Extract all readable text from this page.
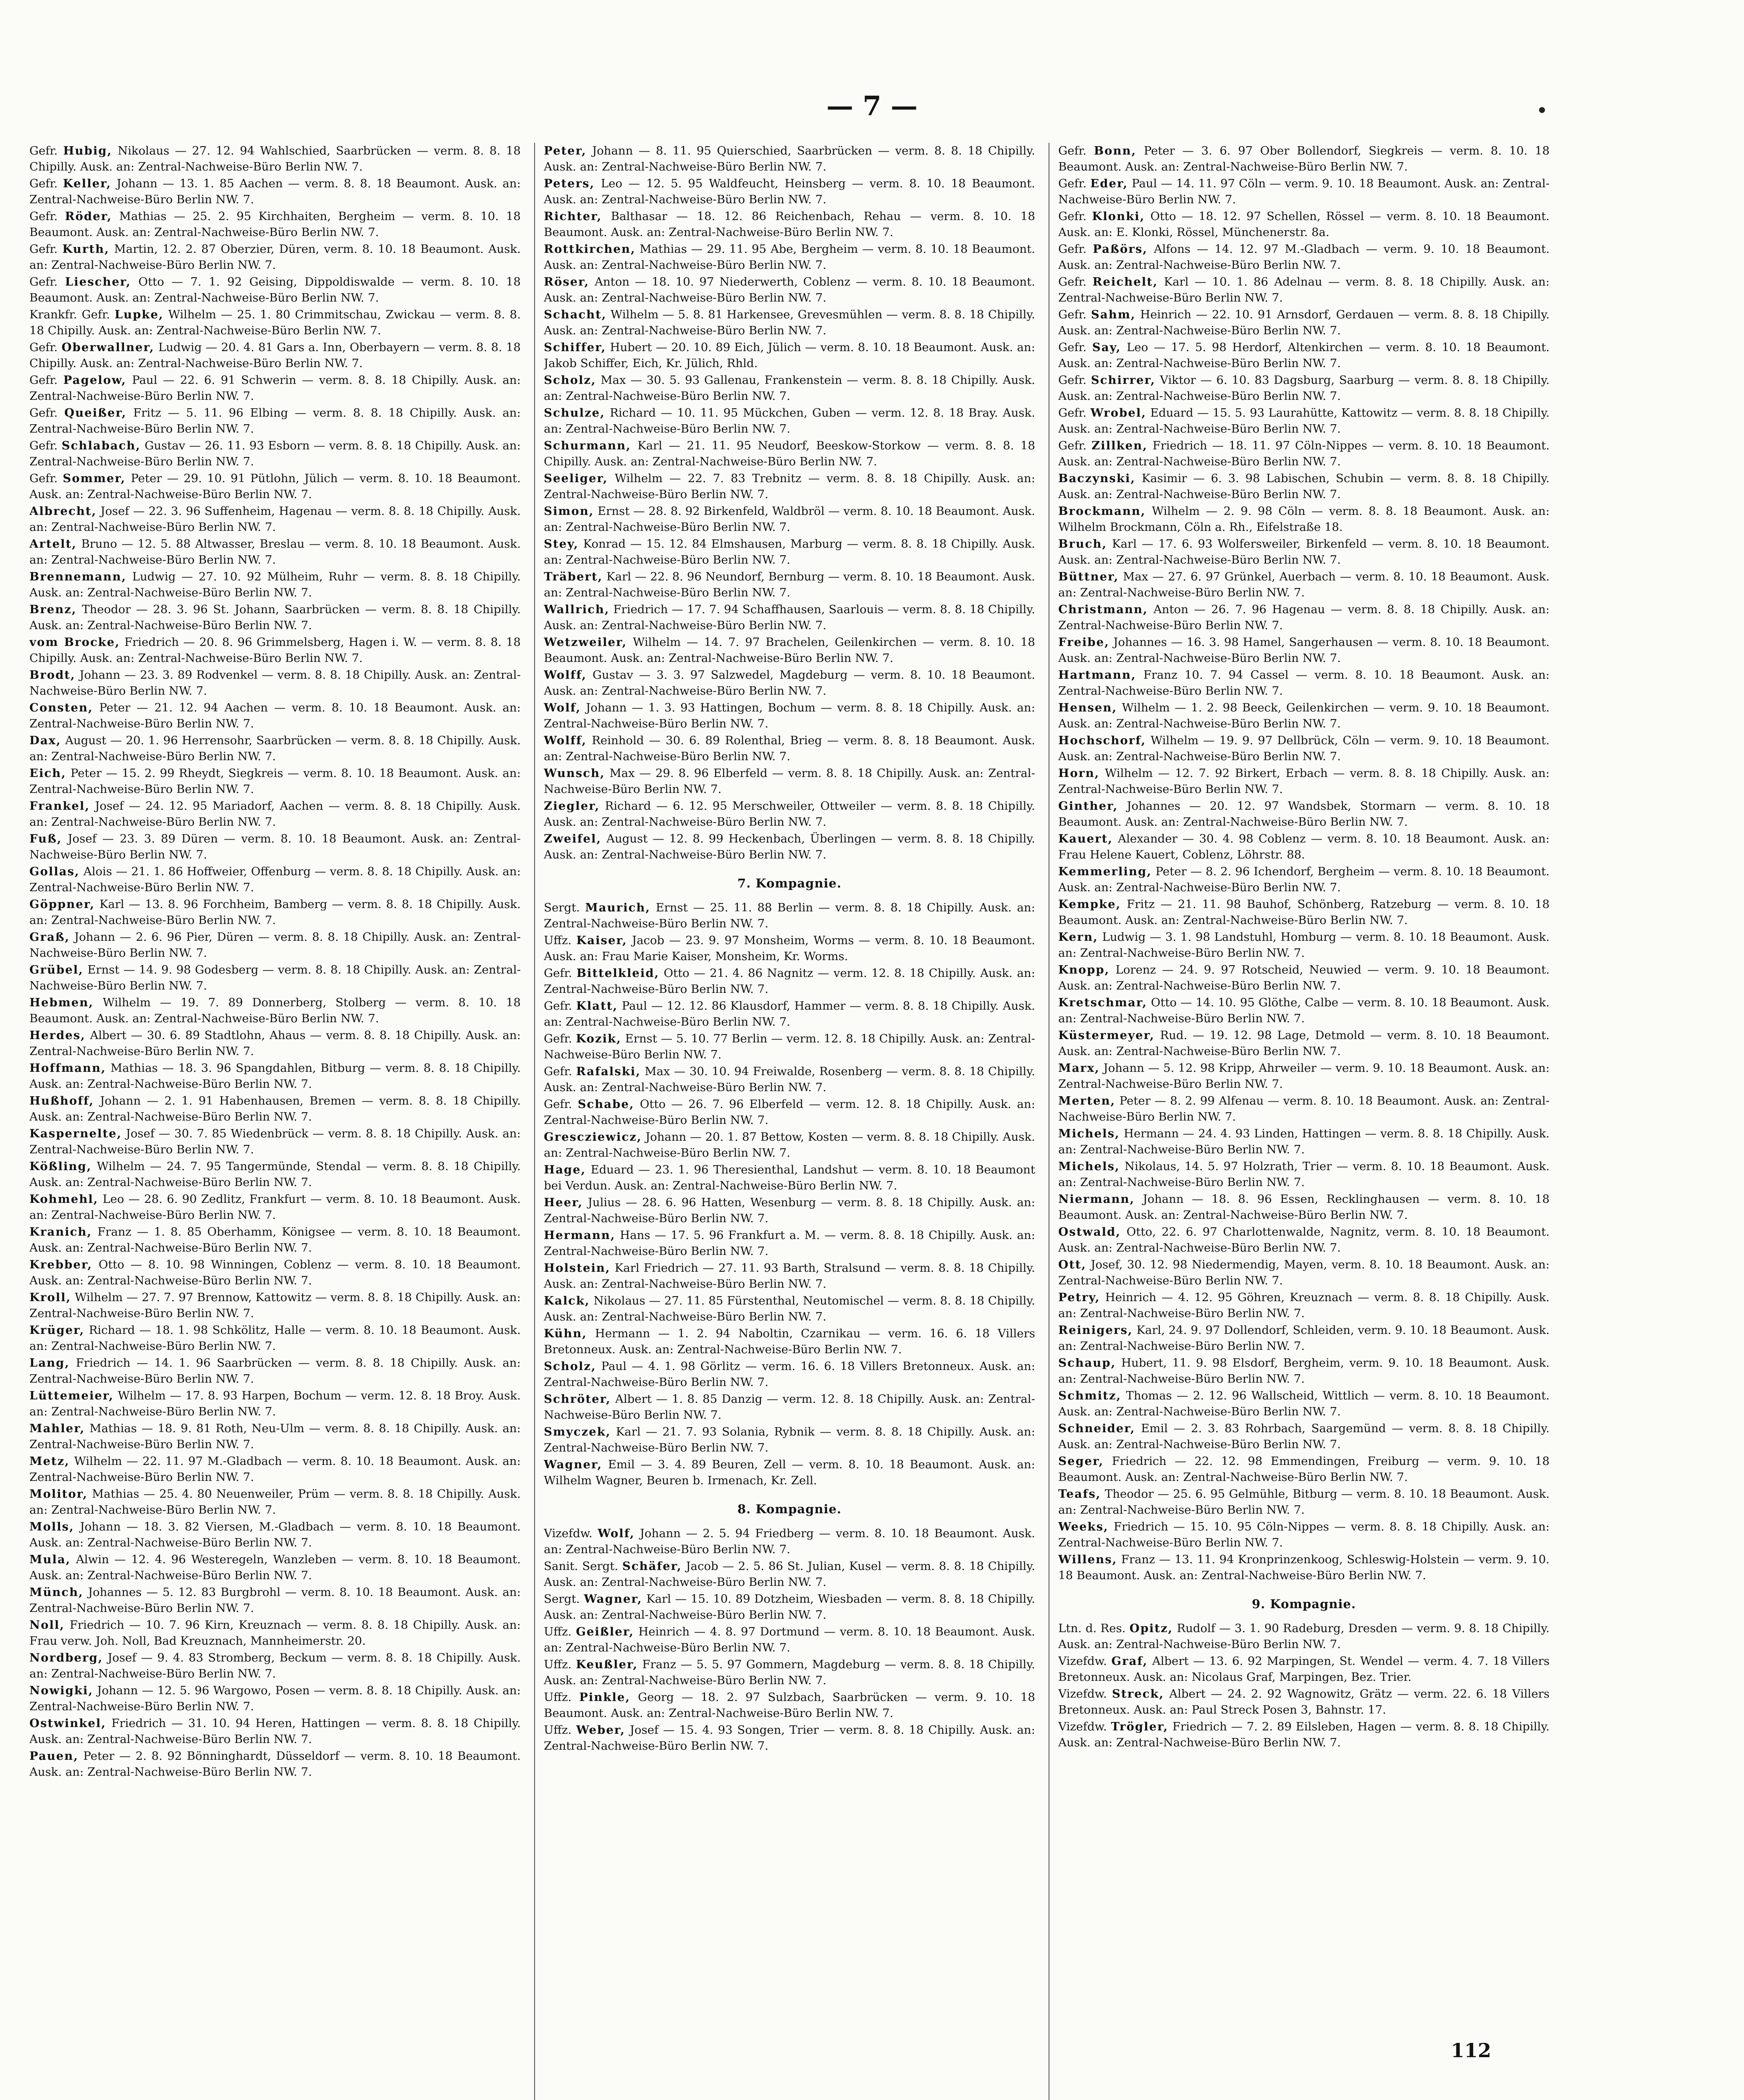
— 7 —

Gefr. Hubig, Nikolaus — 27. 12. 94 Wahlschied, Saarbrücken — verm. 8. 8. 18 Chipilly. Ausk. an: Zentral-Nachweise-Büro Berlin NW. 7.

Gefr. Keller, Johann — 13. 1. 85 Aachen — verm. 8. 8. 18 Beaumont. Ausk. an: Zentral-Nachweise-Büro Berlin NW. 7.

Gefr. Röder, Mathias — 25. 2. 95 Kirchhaiten, Bergheim — verm. 8. 10. 18 Beaumont. Ausk. an: Zentral-Nachweise-Büro Berlin NW. 7.

Gefr. Kurth, Martin, 12. 2. 87 Oberzier, Düren, verm. 8. 10. 18 Beaumont. Ausk. an: Zentral-Nachweise-Büro Berlin NW. 7.

Gefr. Liescher, Otto — 7. 1. 92 Geising, Dippoldiswalde — verm. 8. 10. 18 Beaumont. Ausk. an: Zentral-Nachweise-Büro Berlin NW. 7.

Krankfr. Gefr. Lupke, Wilhelm — 25. 1. 80 Crimmitschau, Zwickau — verm. 8. 8. 18 Chipilly. Ausk. an: Zentral-Nachweise-Büro Berlin NW. 7.

Gefr. Oberwallner, Ludwig — 20. 4. 81 Gars a. Inn, Oberbayern — verm. 8. 8. 18 Chipilly. Ausk. an: Zentral-Nachweise-Büro Berlin NW. 7.

Gefr. Pagelow, Paul — 22. 6. 91 Schwerin — verm. 8. 8. 18 Chipilly. Ausk. an: Zentral-Nachweise-Büro Berlin NW. 7.

Gefr. Queißer, Fritz — 5. 11. 96 Elbing — verm. 8. 8. 18 Chipilly. Ausk. an: Zentral-Nachweise-Büro Berlin NW. 7.

Gefr. Schlabach, Gustav — 26. 11. 93 Esborn — verm. 8. 8. 18 Chipilly. Ausk. an: Zentral-Nachweise-Büro Berlin NW. 7.

Gefr. Sommer, Peter — 29. 10. 91 Pütlohn, Jülich — verm. 8. 10. 18 Beaumont. Ausk. an: Zentral-Nachweise-Büro Berlin NW. 7.

Albrecht, Josef — 22. 3. 96 Suffenheim, Hagenau — verm. 8. 8. 18 Chipilly. Ausk. an: Zentral-Nachweise-Büro Berlin NW. 7.

Artelt, Bruno — 12. 5. 88 Altwasser, Breslau — verm. 8. 10. 18 Beaumont. Ausk. an: Zentral-Nachweise-Büro Berlin NW. 7.

Brennemann, Ludwig — 27. 10. 92 Mülheim, Ruhr — verm. 8. 8. 18 Chipilly. Ausk. an: Zentral-Nachweise-Büro Berlin NW. 7.

Brenz, Theodor — 28. 3. 96 St. Johann, Saarbrücken — verm. 8. 8. 18 Chipilly. Ausk. an: Zentral-Nachweise-Büro Berlin NW. 7.

vom Brocke, Friedrich — 20. 8. 96 Grimmelsberg, Hagen i. W. — verm. 8. 8. 18 Chipilly. Ausk. an: Zentral-Nachweise-Büro Berlin NW. 7.

Brodt, Johann — 23. 3. 89 Rodvenkel — verm. 8. 8. 18 Chipilly. Ausk. an: Zentral-Nachweise-Büro Berlin NW. 7.

Consten, Peter — 21. 12. 94 Aachen — verm. 8. 10. 18 Beaumont. Ausk. an: Zentral-Nachweise-Büro Berlin NW. 7.

Dax, August — 20. 1. 96 Herrensohr, Saarbrücken — verm. 8. 8. 18 Chipilly. Ausk. an: Zentral-Nachweise-Büro Berlin NW. 7.

Eich, Peter — 15. 2. 99 Rheydt, Siegkreis — verm. 8. 10. 18 Beaumont. Ausk. an: Zentral-Nachweise-Büro Berlin NW. 7.

Frankel, Josef — 24. 12. 95 Mariadorf, Aachen — verm. 8. 8. 18 Chipilly. Ausk. an: Zentral-Nachweise-Büro Berlin NW. 7.

Fuß, Josef — 23. 3. 89 Düren — verm. 8. 10. 18 Beaumont. Ausk. an: Zentral-Nachweise-Büro Berlin NW. 7.

Gollas, Alois — 21. 1. 86 Hoffweier, Offenburg — verm. 8. 8. 18 Chipilly. Ausk. an: Zentral-Nachweise-Büro Berlin NW. 7.

Göppner, Karl — 13. 8. 96 Forchheim, Bamberg — verm. 8. 8. 18 Chipilly. Ausk. an: Zentral-Nachweise-Büro Berlin NW. 7.

Graß, Johann — 2. 6. 96 Pier, Düren — verm. 8. 8. 18 Chipilly. Ausk. an: Zentral-Nachweise-Büro Berlin NW. 7.

Grübel, Ernst — 14. 9. 98 Godesberg — verm. 8. 8. 18 Chipilly. Ausk. an: Zentral-Nachweise-Büro Berlin NW. 7.

Hebmen, Wilhelm — 19. 7. 89 Donnerberg, Stolberg — verm. 8. 10. 18 Beaumont. Ausk. an: Zentral-Nachweise-Büro Berlin NW. 7.

Herdes, Albert — 30. 6. 89 Stadtlohn, Ahaus — verm. 8. 8. 18 Chipilly. Ausk. an: Zentral-Nachweise-Büro Berlin NW. 7.

Hoffmann, Mathias — 18. 3. 96 Spangdahlen, Bitburg — verm. 8. 8. 18 Chipilly. Ausk. an: Zentral-Nachweise-Büro Berlin NW. 7.

Hußhoff, Johann — 2. 1. 91 Habenhausen, Bremen — verm. 8. 8. 18 Chipilly. Ausk. an: Zentral-Nachweise-Büro Berlin NW. 7.

Kaspernelte, Josef — 30. 7. 85 Wiedenbrück — verm. 8. 8. 18 Chipilly. Ausk. an: Zentral-Nachweise-Büro Berlin NW. 7.

Kößling, Wilhelm — 24. 7. 95 Tangermünde, Stendal — verm. 8. 8. 18 Chipilly. Ausk. an: Zentral-Nachweise-Büro Berlin NW. 7.

Kohmehl, Leo — 28. 6. 90 Zedlitz, Frankfurt — verm. 8. 10. 18 Beaumont. Ausk. an: Zentral-Nachweise-Büro Berlin NW. 7.

Kranich, Franz — 1. 8. 85 Oberhamm, Königsee — verm. 8. 10. 18 Beaumont. Ausk. an: Zentral-Nachweise-Büro Berlin NW. 7.

Krebber, Otto — 8. 10. 98 Winningen, Coblenz — verm. 8. 10. 18 Beaumont. Ausk. an: Zentral-Nachweise-Büro Berlin NW. 7.

Kroll, Wilhelm — 27. 7. 97 Brennow, Kattowitz — verm. 8. 8. 18 Chipilly. Ausk. an: Zentral-Nachweise-Büro Berlin NW. 7.

Krüger, Richard — 18. 1. 98 Schkölitz, Halle — verm. 8. 10. 18 Beaumont. Ausk. an: Zentral-Nachweise-Büro Berlin NW. 7.

Lang, Friedrich — 14. 1. 96 Saarbrücken — verm. 8. 8. 18 Chipilly. Ausk. an: Zentral-Nachweise-Büro Berlin NW. 7.

Lüttemeier, Wilhelm — 17. 8. 93 Harpen, Bochum — verm. 12. 8. 18 Broy. Ausk. an: Zentral-Nachweise-Büro Berlin NW. 7.

Mahler, Mathias — 18. 9. 81 Roth, Neu-Ulm — verm. 8. 8. 18 Chipilly. Ausk. an: Zentral-Nachweise-Büro Berlin NW. 7.

Metz, Wilhelm — 22. 11. 97 M.-Gladbach — verm. 8. 10. 18 Beaumont. Ausk. an: Zentral-Nachweise-Büro Berlin NW. 7.

Molitor, Mathias — 25. 4. 80 Neuenweiler, Prüm — verm. 8. 8. 18 Chipilly. Ausk. an: Zentral-Nachweise-Büro Berlin NW. 7.

Molls, Johann — 18. 3. 82 Viersen, M.-Gladbach — verm. 8. 10. 18 Beaumont. Ausk. an: Zentral-Nachweise-Büro Berlin NW. 7.

Mula, Alwin — 12. 4. 96 Westeregeln, Wanzleben — verm. 8. 10. 18 Beaumont. Ausk. an: Zentral-Nachweise-Büro Berlin NW. 7.

Münch, Johannes — 5. 12. 83 Burgbrohl — verm. 8. 10. 18 Beaumont. Ausk. an: Zentral-Nachweise-Büro Berlin NW. 7.

Noll, Friedrich — 10. 7. 96 Kirn, Kreuznach — verm. 8. 8. 18 Chipilly. Ausk. an: Frau verw. Joh. Noll, Bad Kreuznach, Mannheimerstr. 20.

Nordberg, Josef — 9. 4. 83 Stromberg, Beckum — verm. 8. 8. 18 Chipilly. Ausk. an: Zentral-Nachweise-Büro Berlin NW. 7.

Nowigki, Johann — 12. 5. 96 Wargowo, Posen — verm. 8. 8. 18 Chipilly. Ausk. an: Zentral-Nachweise-Büro Berlin NW. 7.

Ostwinkel, Friedrich — 31. 10. 94 Heren, Hattingen — verm. 8. 8. 18 Chipilly. Ausk. an: Zentral-Nachweise-Büro Berlin NW. 7.

Pauen, Peter — 2. 8. 92 Bönninghardt, Düsseldorf — verm. 8. 10. 18 Beaumont. Ausk. an: Zentral-Nachweise-Büro Berlin NW. 7.

Peter, Johann — 8. 11. 95 Quierschied, Saarbrücken — verm. 8. 8. 18 Chipilly. Ausk. an: Zentral-Nachweise-Büro Berlin NW. 7.

Peters, Leo — 12. 5. 95 Waldfeucht, Heinsberg — verm. 8. 10. 18 Beaumont. Ausk. an: Zentral-Nachweise-Büro Berlin NW. 7.

Richter, Balthasar — 18. 12. 86 Reichenbach, Rehau — verm. 8. 10. 18 Beaumont. Ausk. an: Zentral-Nachweise-Büro Berlin NW. 7.

Rottkirchen, Mathias — 29. 11. 95 Abe, Bergheim — verm. 8. 10. 18 Beaumont. Ausk. an: Zentral-Nachweise-Büro Berlin NW. 7.

Röser, Anton — 18. 10. 97 Niederwerth, Coblenz — verm. 8. 10. 18 Beaumont. Ausk. an: Zentral-Nachweise-Büro Berlin NW. 7.

Schacht, Wilhelm — 5. 8. 81 Harkensee, Grevesmühlen — verm. 8. 8. 18 Chipilly. Ausk. an: Zentral-Nachweise-Büro Berlin NW. 7.

Schiffer, Hubert — 20. 10. 89 Eich, Jülich — verm. 8. 10. 18 Beaumont. Ausk. an: Jakob Schiffer, Eich, Kr. Jülich, Rhld.

Scholz, Max — 30. 5. 93 Gallenau, Frankenstein — verm. 8. 8. 18 Chipilly. Ausk. an: Zentral-Nachweise-Büro Berlin NW. 7.

Schulze, Richard — 10. 11. 95 Mückchen, Guben — verm. 12. 8. 18 Bray. Ausk. an: Zentral-Nachweise-Büro Berlin NW. 7.

Schurmann, Karl — 21. 11. 95 Neudorf, Beeskow-Storkow — verm. 8. 8. 18 Chipilly. Ausk. an: Zentral-Nachweise-Büro Berlin NW. 7.

Seeliger, Wilhelm — 22. 7. 83 Trebnitz — verm. 8. 8. 18 Chipilly. Ausk. an: Zentral-Nachweise-Büro Berlin NW. 7.

Simon, Ernst — 28. 8. 92 Birkenfeld, Waldbröl — verm. 8. 10. 18 Beaumont. Ausk. an: Zentral-Nachweise-Büro Berlin NW. 7.

Stey, Konrad — 15. 12. 84 Elmshausen, Marburg — verm. 8. 8. 18 Chipilly. Ausk. an: Zentral-Nachweise-Büro Berlin NW. 7.

Träbert, Karl — 22. 8. 96 Neundorf, Bernburg — verm. 8. 10. 18 Beaumont. Ausk. an: Zentral-Nachweise-Büro Berlin NW. 7.

Wallrich, Friedrich — 17. 7. 94 Schaffhausen, Saarlouis — verm. 8. 8. 18 Chipilly. Ausk. an: Zentral-Nachweise-Büro Berlin NW. 7.

Wetzweiler, Wilhelm — 14. 7. 97 Brachelen, Geilenkirchen — verm. 8. 10. 18 Beaumont. Ausk. an: Zentral-Nachweise-Büro Berlin NW. 7.

Wolff, Gustav — 3. 3. 97 Salzwedel, Magdeburg — verm. 8. 10. 18 Beaumont. Ausk. an: Zentral-Nachweise-Büro Berlin NW. 7.

Wolf, Johann — 1. 3. 93 Hattingen, Bochum — verm. 8. 8. 18 Chipilly. Ausk. an: Zentral-Nachweise-Büro Berlin NW. 7.

Wolff, Reinhold — 30. 6. 89 Rolenthal, Brieg — verm. 8. 8. 18 Beaumont. Ausk. an: Zentral-Nachweise-Büro Berlin NW. 7.

Wunsch, Max — 29. 8. 96 Elberfeld — verm. 8. 8. 18 Chipilly. Ausk. an: Zentral-Nachweise-Büro Berlin NW. 7.

Ziegler, Richard — 6. 12. 95 Merschweiler, Ottweiler — verm. 8. 8. 18 Chipilly. Ausk. an: Zentral-Nachweise-Büro Berlin NW. 7.

Zweifel, August — 12. 8. 99 Heckenbach, Überlingen — verm. 8. 8. 18 Chipilly. Ausk. an: Zentral-Nachweise-Büro Berlin NW. 7.

7. Kompagnie.

Sergt. Maurich, Ernst — 25. 11. 88 Berlin — verm. 8. 8. 18 Chipilly. Ausk. an: Zentral-Nachweise-Büro Berlin NW. 7.

Uffz. Kaiser, Jacob — 23. 9. 97 Monsheim, Worms — verm. 8. 10. 18 Beaumont. Ausk. an: Frau Marie Kaiser, Monsheim, Kr. Worms.

Gefr. Bittelkleid, Otto — 21. 4. 86 Nagnitz — verm. 12. 8. 18 Chipilly. Ausk. an: Zentral-Nachweise-Büro Berlin NW. 7.

Gefr. Klatt, Paul — 12. 12. 86 Klausdorf, Hammer — verm. 8. 8. 18 Chipilly. Ausk. an: Zentral-Nachweise-Büro Berlin NW. 7.

Gefr. Kozik, Ernst — 5. 10. 77 Berlin — verm. 12. 8. 18 Chipilly. Ausk. an: Zentral-Nachweise-Büro Berlin NW. 7.

Gefr. Rafalski, Max — 30. 10. 94 Freiwalde, Rosenberg — verm. 8. 8. 18 Chipilly. Ausk. an: Zentral-Nachweise-Büro Berlin NW. 7.

Gefr. Schabe, Otto — 26. 7. 96 Elberfeld — verm. 12. 8. 18 Chipilly. Ausk. an: Zentral-Nachweise-Büro Berlin NW. 7.

Grescziewicz, Johann — 20. 1. 87 Bettow, Kosten — verm. 8. 8. 18 Chipilly. Ausk. an: Zentral-Nachweise-Büro Berlin NW. 7.

Hage, Eduard — 23. 1. 96 Theresienthal, Landshut — verm. 8. 10. 18 Beaumont bei Verdun. Ausk. an: Zentral-Nachweise-Büro Berlin NW. 7.

Heer, Julius — 28. 6. 96 Hatten, Wesenburg — verm. 8. 8. 18 Chipilly. Ausk. an: Zentral-Nachweise-Büro Berlin NW. 7.

Hermann, Hans — 17. 5. 96 Frankfurt a. M. — verm. 8. 8. 18 Chipilly. Ausk. an: Zentral-Nachweise-Büro Berlin NW. 7.

Holstein, Karl Friedrich — 27. 11. 93 Barth, Stralsund — verm. 8. 8. 18 Chipilly. Ausk. an: Zentral-Nachweise-Büro Berlin NW. 7.

Kalck, Nikolaus — 27. 11. 85 Fürstenthal, Neutomischel — verm. 8. 8. 18 Chipilly. Ausk. an: Zentral-Nachweise-Büro Berlin NW. 7.

Kühn, Hermann — 1. 2. 94 Naboltin, Czarnikau — verm. 16. 6. 18 Villers Bretonneux. Ausk. an: Zentral-Nachweise-Büro Berlin NW. 7.

Scholz, Paul — 4. 1. 98 Görlitz — verm. 16. 6. 18 Villers Bretonneux. Ausk. an: Zentral-Nachweise-Büro Berlin NW. 7.

Schröter, Albert — 1. 8. 85 Danzig — verm. 12. 8. 18 Chipilly. Ausk. an: Zentral-Nachweise-Büro Berlin NW. 7.

Smyczek, Karl — 21. 7. 93 Solania, Rybnik — verm. 8. 8. 18 Chipilly. Ausk. an: Zentral-Nachweise-Büro Berlin NW. 7.

Wagner, Emil — 3. 4. 89 Beuren, Zell — verm. 8. 10. 18 Beaumont. Ausk. an: Wilhelm Wagner, Beuren b. Irmenach, Kr. Zell.

8. Kompagnie.

Vizefdw. Wolf, Johann — 2. 5. 94 Friedberg — verm. 8. 10. 18 Beaumont. Ausk. an: Zentral-Nachweise-Büro Berlin NW. 7.

Sanit. Sergt. Schäfer, Jacob — 2. 5. 86 St. Julian, Kusel — verm. 8. 8. 18 Chipilly. Ausk. an: Zentral-Nachweise-Büro Berlin NW. 7.

Sergt. Wagner, Karl — 15. 10. 89 Dotzheim, Wiesbaden — verm. 8. 8. 18 Chipilly. Ausk. an: Zentral-Nachweise-Büro Berlin NW. 7.

Uffz. Geißler, Heinrich — 4. 8. 97 Dortmund — verm. 8. 10. 18 Beaumont. Ausk. an: Zentral-Nachweise-Büro Berlin NW. 7.

Uffz. Keußler, Franz — 5. 5. 97 Gommern, Magdeburg — verm. 8. 8. 18 Chipilly. Ausk. an: Zentral-Nachweise-Büro Berlin NW. 7.

Uffz. Pinkle, Georg — 18. 2. 97 Sulzbach, Saarbrücken — verm. 9. 10. 18 Beaumont. Ausk. an: Zentral-Nachweise-Büro Berlin NW. 7.

Uffz. Weber, Josef — 15. 4. 93 Songen, Trier — verm. 8. 8. 18 Chipilly. Ausk. an: Zentral-Nachweise-Büro Berlin NW. 7.

Gefr. Bonn, Peter — 3. 6. 97 Ober Bollendorf, Siegkreis — verm. 8. 10. 18 Beaumont. Ausk. an: Zentral-Nachweise-Büro Berlin NW. 7.

Gefr. Eder, Paul — 14. 11. 97 Cöln — verm. 9. 10. 18 Beaumont. Ausk. an: Zentral-Nachweise-Büro Berlin NW. 7.

Gefr. Klonki, Otto — 18. 12. 97 Schellen, Rössel — verm. 8. 10. 18 Beaumont. Ausk. an: E. Klonki, Rössel, Münchenerstr. 8a.

Gefr. Paßörs, Alfons — 14. 12. 97 M.-Gladbach — verm. 9. 10. 18 Beaumont. Ausk. an: Zentral-Nachweise-Büro Berlin NW. 7.

Gefr. Reichelt, Karl — 10. 1. 86 Adelnau — verm. 8. 8. 18 Chipilly. Ausk. an: Zentral-Nachweise-Büro Berlin NW. 7.

Gefr. Sahm, Heinrich — 22. 10. 91 Arnsdorf, Gerdauen — verm. 8. 8. 18 Chipilly. Ausk. an: Zentral-Nachweise-Büro Berlin NW. 7.

Gefr. Say, Leo — 17. 5. 98 Herdorf, Altenkirchen — verm. 8. 10. 18 Beaumont. Ausk. an: Zentral-Nachweise-Büro Berlin NW. 7.

Gefr. Schirrer, Viktor — 6. 10. 83 Dagsburg, Saarburg — verm. 8. 8. 18 Chipilly. Ausk. an: Zentral-Nachweise-Büro Berlin NW. 7.

Gefr. Wrobel, Eduard — 15. 5. 93 Laurahütte, Kattowitz — verm. 8. 8. 18 Chipilly. Ausk. an: Zentral-Nachweise-Büro Berlin NW. 7.

Gefr. Zillken, Friedrich — 18. 11. 97 Cöln-Nippes — verm. 8. 10. 18 Beaumont. Ausk. an: Zentral-Nachweise-Büro Berlin NW. 7.

Baczynski, Kasimir — 6. 3. 98 Labischen, Schubin — verm. 8. 8. 18 Chipilly. Ausk. an: Zentral-Nachweise-Büro Berlin NW. 7.

Brockmann, Wilhelm — 2. 9. 98 Cöln — verm. 8. 8. 18 Beaumont. Ausk. an: Wilhelm Brockmann, Cöln a. Rh., Eifelstraße 18.

Bruch, Karl — 17. 6. 93 Wolfersweiler, Birkenfeld — verm. 8. 10. 18 Beaumont. Ausk. an: Zentral-Nachweise-Büro Berlin NW. 7.

Büttner, Max — 27. 6. 97 Grünkel, Auerbach — verm. 8. 10. 18 Beaumont. Ausk. an: Zentral-Nachweise-Büro Berlin NW. 7.

Christmann, Anton — 26. 7. 96 Hagenau — verm. 8. 8. 18 Chipilly. Ausk. an: Zentral-Nachweise-Büro Berlin NW. 7.

Freibe, Johannes — 16. 3. 98 Hamel, Sangerhausen — verm. 8. 10. 18 Beaumont. Ausk. an: Zentral-Nachweise-Büro Berlin NW. 7.

Hartmann, Franz 10. 7. 94 Cassel — verm. 8. 10. 18 Beaumont. Ausk. an: Zentral-Nachweise-Büro Berlin NW. 7.

Hensen, Wilhelm — 1. 2. 98 Beeck, Geilenkirchen — verm. 9. 10. 18 Beaumont. Ausk. an: Zentral-Nachweise-Büro Berlin NW. 7.

Hochschorf, Wilhelm — 19. 9. 97 Dellbrück, Cöln — verm. 9. 10. 18 Beaumont. Ausk. an: Zentral-Nachweise-Büro Berlin NW. 7.

Horn, Wilhelm — 12. 7. 92 Birkert, Erbach — verm. 8. 8. 18 Chipilly. Ausk. an: Zentral-Nachweise-Büro Berlin NW. 7.

Ginther, Johannes — 20. 12. 97 Wandsbek, Stormarn — verm. 8. 10. 18 Beaumont. Ausk. an: Zentral-Nachweise-Büro Berlin NW. 7.

Kauert, Alexander — 30. 4. 98 Coblenz — verm. 8. 10. 18 Beaumont. Ausk. an: Frau Helene Kauert, Coblenz, Löhrstr. 88.

Kemmerling, Peter — 8. 2. 96 Ichendorf, Bergheim — verm. 8. 10. 18 Beaumont. Ausk. an: Zentral-Nachweise-Büro Berlin NW. 7.

Kempke, Fritz — 21. 11. 98 Bauhof, Schönberg, Ratzeburg — verm. 8. 10. 18 Beaumont. Ausk. an: Zentral-Nachweise-Büro Berlin NW. 7.

Kern, Ludwig — 3. 1. 98 Landstuhl, Homburg — verm. 8. 10. 18 Beaumont. Ausk. an: Zentral-Nachweise-Büro Berlin NW. 7.

Knopp, Lorenz — 24. 9. 97 Rotscheid, Neuwied — verm. 9. 10. 18 Beaumont. Ausk. an: Zentral-Nachweise-Büro Berlin NW. 7.

Kretschmar, Otto — 14. 10. 95 Glöthe, Calbe — verm. 8. 10. 18 Beaumont. Ausk. an: Zentral-Nachweise-Büro Berlin NW. 7.

Küstermeyer, Rud. — 19. 12. 98 Lage, Detmold — verm. 8. 10. 18 Beaumont. Ausk. an: Zentral-Nachweise-Büro Berlin NW. 7.

Marx, Johann — 5. 12. 98 Kripp, Ahrweiler — verm. 9. 10. 18 Beaumont. Ausk. an: Zentral-Nachweise-Büro Berlin NW. 7.

Merten, Peter — 8. 2. 99 Alfenau — verm. 8. 10. 18 Beaumont. Ausk. an: Zentral-Nachweise-Büro Berlin NW. 7.

Michels, Hermann — 24. 4. 93 Linden, Hattingen — verm. 8. 8. 18 Chipilly. Ausk. an: Zentral-Nachweise-Büro Berlin NW. 7.

Michels, Nikolaus, 14. 5. 97 Holzrath, Trier — verm. 8. 10. 18 Beaumont. Ausk. an: Zentral-Nachweise-Büro Berlin NW. 7.

Niermann, Johann — 18. 8. 96 Essen, Recklinghausen — verm. 8. 10. 18 Beaumont. Ausk. an: Zentral-Nachweise-Büro Berlin NW. 7.

Ostwald, Otto, 22. 6. 97 Charlottenwalde, Nagnitz, verm. 8. 10. 18 Beaumont. Ausk. an: Zentral-Nachweise-Büro Berlin NW. 7.

Ott, Josef, 30. 12. 98 Niedermendig, Mayen, verm. 8. 10. 18 Beaumont. Ausk. an: Zentral-Nachweise-Büro Berlin NW. 7.

Petry, Heinrich — 4. 12. 95 Göhren, Kreuznach — verm. 8. 8. 18 Chipilly. Ausk. an: Zentral-Nachweise-Büro Berlin NW. 7.

Reinigers, Karl, 24. 9. 97 Dollendorf, Schleiden, verm. 9. 10. 18 Beaumont. Ausk. an: Zentral-Nachweise-Büro Berlin NW. 7.

Schaup, Hubert, 11. 9. 98 Elsdorf, Bergheim, verm. 9. 10. 18 Beaumont. Ausk. an: Zentral-Nachweise-Büro Berlin NW. 7.

Schmitz, Thomas — 2. 12. 96 Wallscheid, Wittlich — verm. 8. 10. 18 Beaumont. Ausk. an: Zentral-Nachweise-Büro Berlin NW. 7.

Schneider, Emil — 2. 3. 83 Rohrbach, Saargemünd — verm. 8. 8. 18 Chipilly. Ausk. an: Zentral-Nachweise-Büro Berlin NW. 7.

Seger, Friedrich — 22. 12. 98 Emmendingen, Freiburg — verm. 9. 10. 18 Beaumont. Ausk. an: Zentral-Nachweise-Büro Berlin NW. 7.

Teafs, Theodor — 25. 6. 95 Gelmühle, Bitburg — verm. 8. 10. 18 Beaumont. Ausk. an: Zentral-Nachweise-Büro Berlin NW. 7.

Weeks, Friedrich — 15. 10. 95 Cöln-Nippes — verm. 8. 8. 18 Chipilly. Ausk. an: Zentral-Nachweise-Büro Berlin NW. 7.

Willens, Franz — 13. 11. 94 Kronprinzenkoog, Schleswig-Holstein — verm. 9. 10. 18 Beaumont. Ausk. an: Zentral-Nachweise-Büro Berlin NW. 7.

9. Kompagnie.

Ltn. d. Res. Opitz, Rudolf — 3. 1. 90 Radeburg, Dresden — verm. 9. 8. 18 Chipilly. Ausk. an: Zentral-Nachweise-Büro Berlin NW. 7.

Vizefdw. Graf, Albert — 13. 6. 92 Marpingen, St. Wendel — verm. 4. 7. 18 Villers Bretonneux. Ausk. an: Nicolaus Graf, Marpingen, Bez. Trier.

Vizefdw. Streck, Albert — 24. 2. 92 Wagnowitz, Grätz — verm. 22. 6. 18 Villers Bretonneux. Ausk. an: Paul Streck Posen 3, Bahnstr. 17.

Vizefdw. Trögler, Friedrich — 7. 2. 89 Eilsleben, Hagen — verm. 8. 8. 18 Chipilly. Ausk. an: Zentral-Nachweise-Büro Berlin NW. 7.

112
